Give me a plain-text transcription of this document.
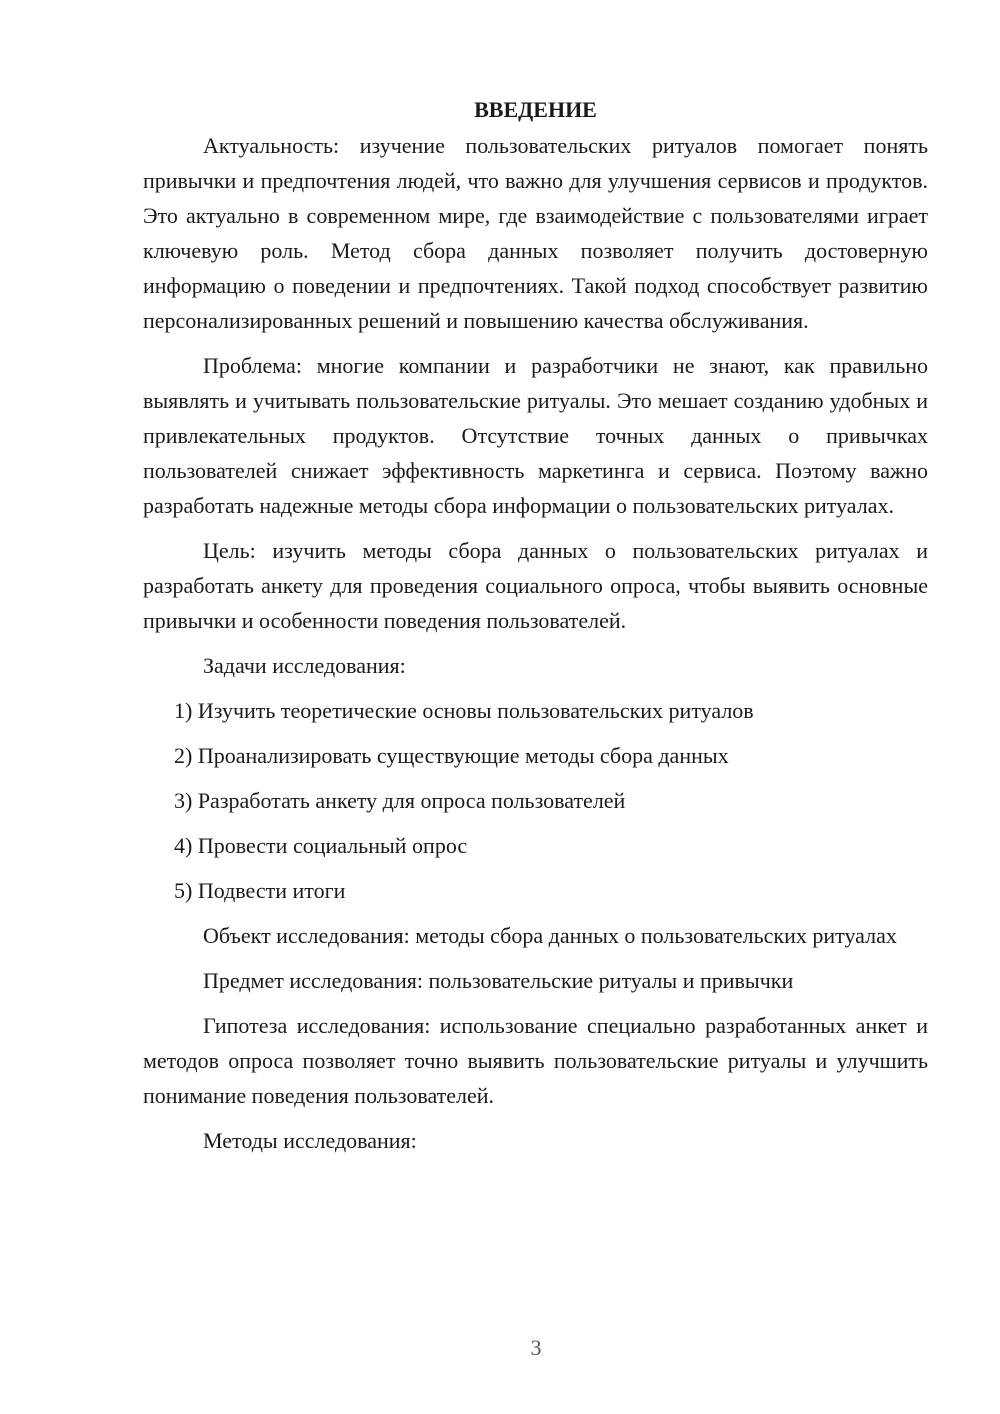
ВВЕДЕНИЕ

Актуальность: изучение пользовательских ритуалов помогает понять привычки и предпочтения людей, что важно для улучшения сервисов и продуктов. Это актуально в современном мире, где взаимодействие с пользователями играет ключевую роль. Метод сбора данных позволяет получить достоверную информацию о поведении и предпочтениях. Такой подход способствует развитию персонализированных решений и повышению качества обслуживания.

Проблема: многие компании и разработчики не знают, как правильно выявлять и учитывать пользовательские ритуалы. Это мешает созданию удобных и привлекательных продуктов. Отсутствие точных данных о привычках пользователей снижает эффективность маркетинга и сервиса. Поэтому важно разработать надежные методы сбора информации о пользовательских ритуалах.

Цель: изучить методы сбора данных о пользовательских ритуалах и разработать анкету для проведения социального опроса, чтобы выявить основные привычки и особенности поведения пользователей.

Задачи исследования:

1) Изучить теоретические основы пользовательских ритуалов
2) Проанализировать существующие методы сбора данных
3) Разработать анкету для опроса пользователей
4) Провести социальный опрос
5) Подвести итоги

Объект исследования: методы сбора данных о пользовательских ритуалах

Предмет исследования: пользовательские ритуалы и привычки

Гипотеза исследования: использование специально разработанных анкет и методов опроса позволяет точно выявить пользовательские ритуалы и улучшить понимание поведения пользователей.

Методы исследования:

3
